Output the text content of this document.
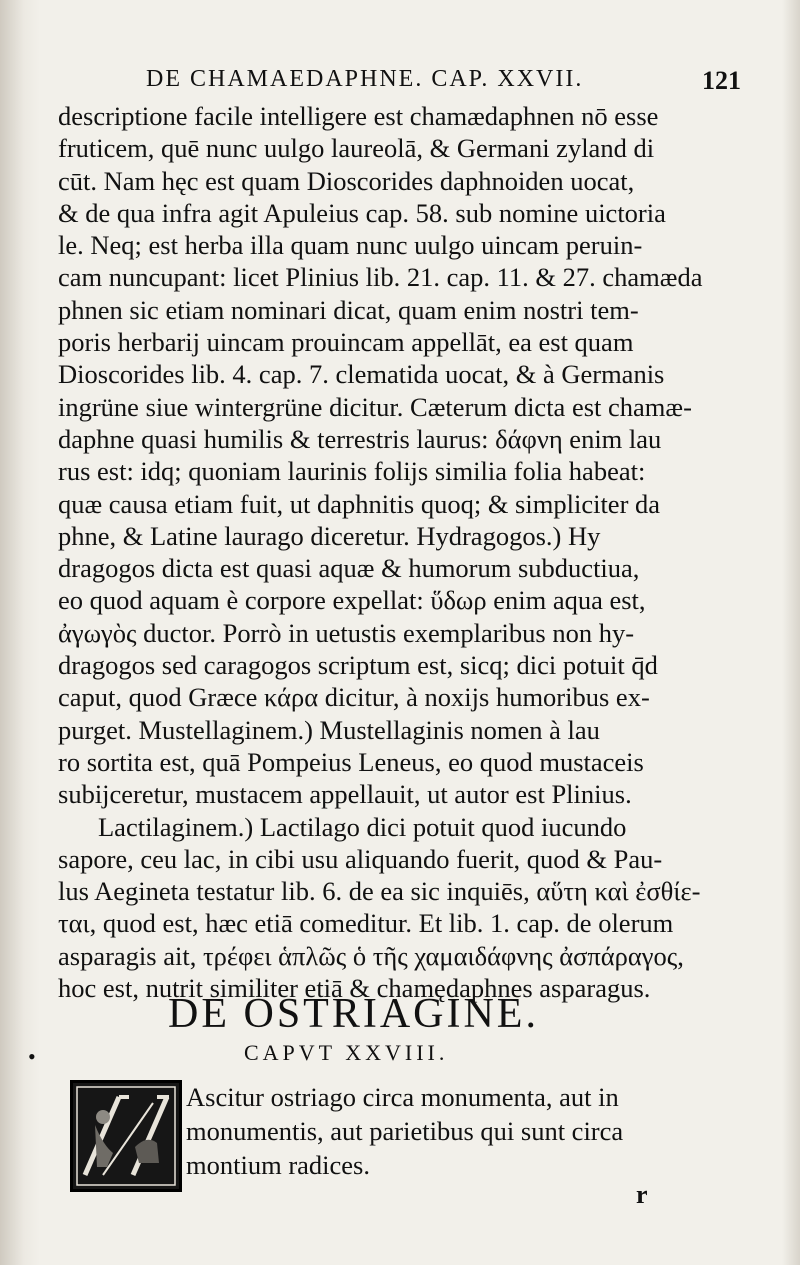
DE CHAMAEDAPHNE. CAP. XXVII.	121
descriptione facile intelligere est chamædaphnen nō esse
fruticem, quē nunc uulgo laureolā, & Germani zyland di
cūt. Nam hęc est quam Dioscorides daphnoiden uocat,
& de qua infra agit Apuleius cap. 58. sub nomine uictoria
le. Neq; est herba illa quam nunc uulgo uincam peruin-
cam nuncupant: licet Plinius lib. 21. cap. 11. & 27. chamæda
phnen sic etiam nominari dicat, quam enim nostri tem-
poris herbarij uincam prouincam appellāt, ea est quam
Dioscorides lib. 4. cap. 7. clematida uocat, & à Germanis
ingrüne siue wintergrüne dicitur. Cæterum dicta est chamæ-
daphne quasi humilis & terrestris laurus: δάφνη enim lau
rus est: idq; quoniam laurinis folijs similia folia habeat:
quæ causa etiam fuit, ut daphnitis quoq; & simpliciter da
phne, & Latine laurago diceretur. Hydragogos.) Hy
dragogos dicta est quasi aquæ & humorum subductiua,
eo quod aquam è corpore expellat: ὕδωρ enim aqua est,
ἀγωγὸς ductor. Porrò in uetustis exemplaribus non hy-
dragogos sed caragogos scriptum est, sicq; dici potuit q̄d
caput, quod Græce κάρα dicitur, à noxijs humoribus ex-
purget. Mustellaginem.) Mustellaginis nomen à lau
ro sortita est, quā Pompeius Leneus, eo quod mustaceis
subijceretur, mustacem appellauit, ut autor est Plinius.
Lactilaginem.) Lactilago dici potuit quod iucundo
sapore, ceu lac, in cibi usu aliquando fuerit, quod & Pau-
lus Aegineta testatur lib. 6. de ea sic inquiēs, αὕτη καὶ ἐσθίε-
ται, quod est, hæc etiā comeditur. Et lib. 1. cap. de olerum
asparagis ait, τρέφει ἁπλῶς ὁ τῆς χαμαιδάφνης ἀσπάραγος,
hoc est, nutrit similiter etiā & chamędaphnes asparagus.
DE OSTRIAGINE.
•	CAPVT XXVIII.
Ascitur ostriago circa monumenta, aut in
monumentis, aut parietibus qui sunt circa
montium radices.
r
